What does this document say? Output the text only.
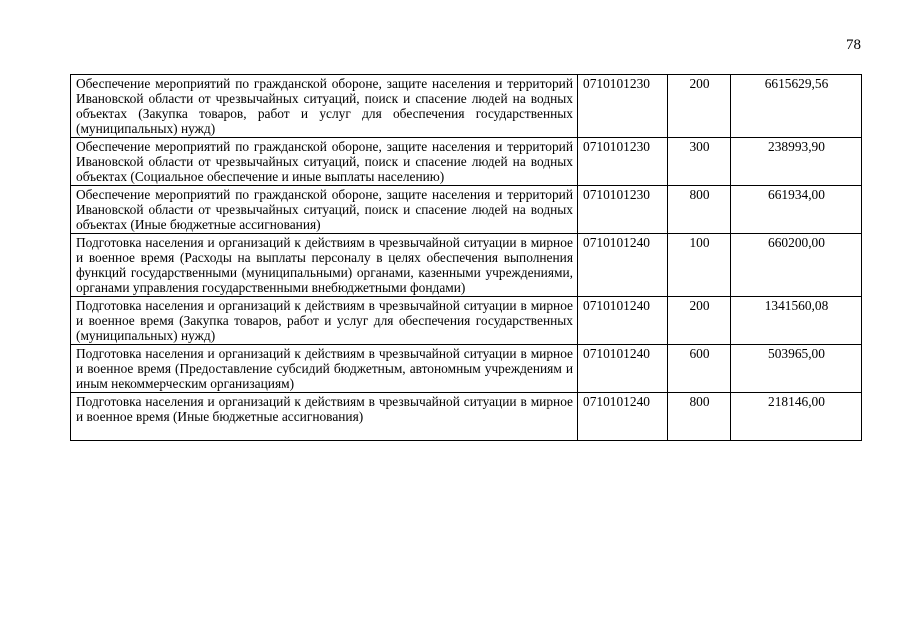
78
Обеспечение мероприятий по гражданской обороне, защите населения и территорий Ивановской области от чрезвычайных ситуаций, поиск и спасение людей на водных объектах (Закупка товаров, работ и услуг для обеспечения государственных (муниципальных) нужд)	0710101230	200	6615629,56
Обеспечение мероприятий по гражданской обороне, защите населения и территорий Ивановской области от чрезвычайных ситуаций, поиск и спасение людей на водных объектах (Социальное обеспечение и иные выплаты населению)	0710101230	300	238993,90
Обеспечение мероприятий по гражданской обороне, защите населения и территорий Ивановской области от чрезвычайных ситуаций, поиск и спасение людей на водных объектах (Иные бюджетные ассигнования)	0710101230	800	661934,00
Подготовка населения и организаций к действиям в чрезвычайной ситуации в мирное и военное время (Расходы на выплаты персоналу в целях обеспечения выполнения функций государственными (муниципальными) органами, казенными учреждениями, органами управления государственными внебюджетными фондами)	0710101240	100	660200,00
Подготовка населения и организаций к действиям в чрезвычайной ситуации в мирное и военное время (Закупка товаров, работ и услуг для обеспечения государственных (муниципальных) нужд)	0710101240	200	1341560,08
Подготовка населения и организаций к действиям в чрезвычайной ситуации в мирное и военное время (Предоставление субсидий бюджетным, автономным учреждениям и иным некоммерческим организациям)	0710101240	600	503965,00
Подготовка населения и организаций к действиям в чрезвычайной ситуации в мирное и военное время (Иные бюджетные ассигнования)	0710101240	800	218146,00
